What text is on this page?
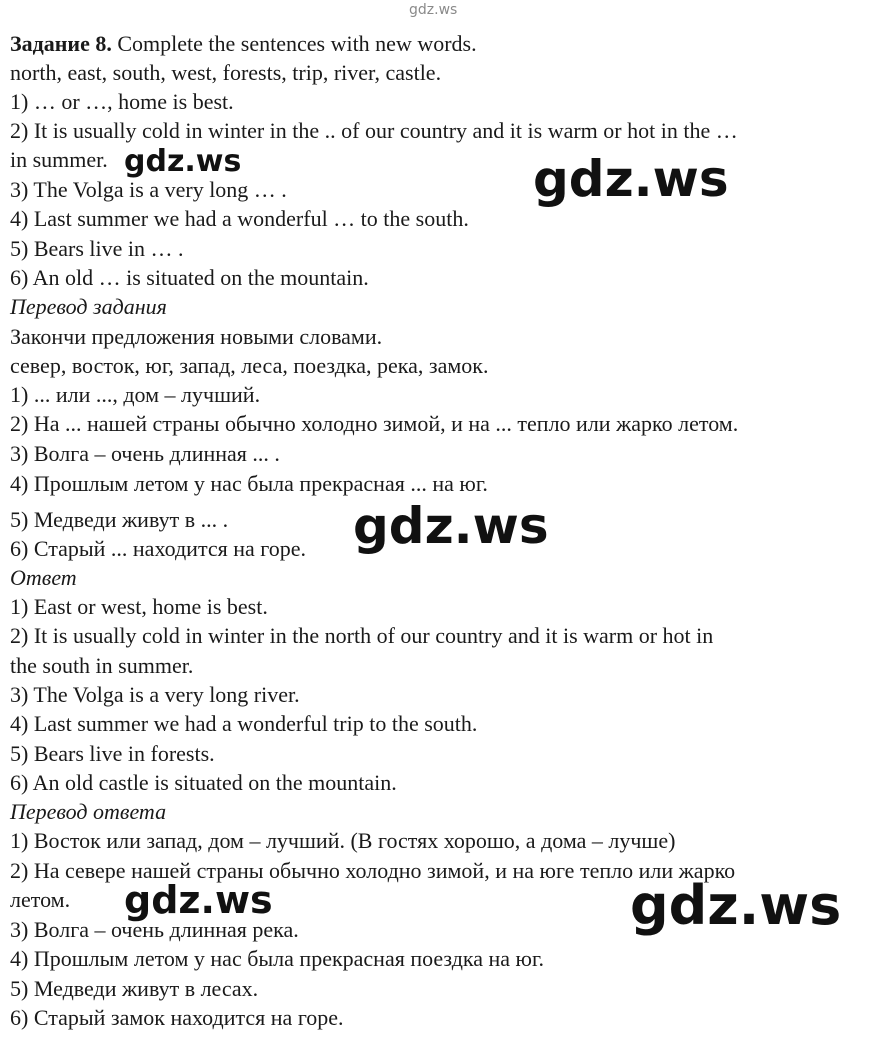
Задание 8. Complete the sentences with new words.
north, east, south, west, forests, trip, river, castle.
1) … or …, home is best.
2) It is usually cold in winter in the .. of our country and it is warm or hot in the …
in summer.
3) The Volga is a very long … .
4) Last summer we had a wonderful … to the south.
5) Bears live in … .
6) An old … is situated on the mountain.
Перевод задания
Закончи предложения новыми словами.
север, восток, юг, запад, леса, поездка, река, замок.
1) ... или ..., дом – лучший.
2) На ... нашей страны обычно холодно зимой, и на ... тепло или жарко летом.
3) Волга – очень длинная ... .
4) Прошлым летом у нас была прекрасная ... на юг.
5) Медведи живут в ... .
6) Старый ... находится на горе.
Ответ
1) East or west, home is best.
2) It is usually cold in winter in the north of our country and it is warm or hot in
the south in summer.
3) The Volga is a very long river.
4) Last summer we had a wonderful trip to the south.
5) Bears live in forests.
6) An old castle is situated on the mountain.
Перевод ответа
1) Восток или запад, дом – лучший. (В гостях хорошо, а дома – лучше)
2) На севере нашей страны обычно холодно зимой, и на юге тепло или жарко
летом.
3) Волга – очень длинная река.
4) Прошлым летом у нас была прекрасная поездка на юг.
5) Медведи живут в лесах.
6) Старый замок находится на горе.
gdz.ws
gdz.ws	gdz.ws
gdz.ws
gdz.ws	gdz.ws
